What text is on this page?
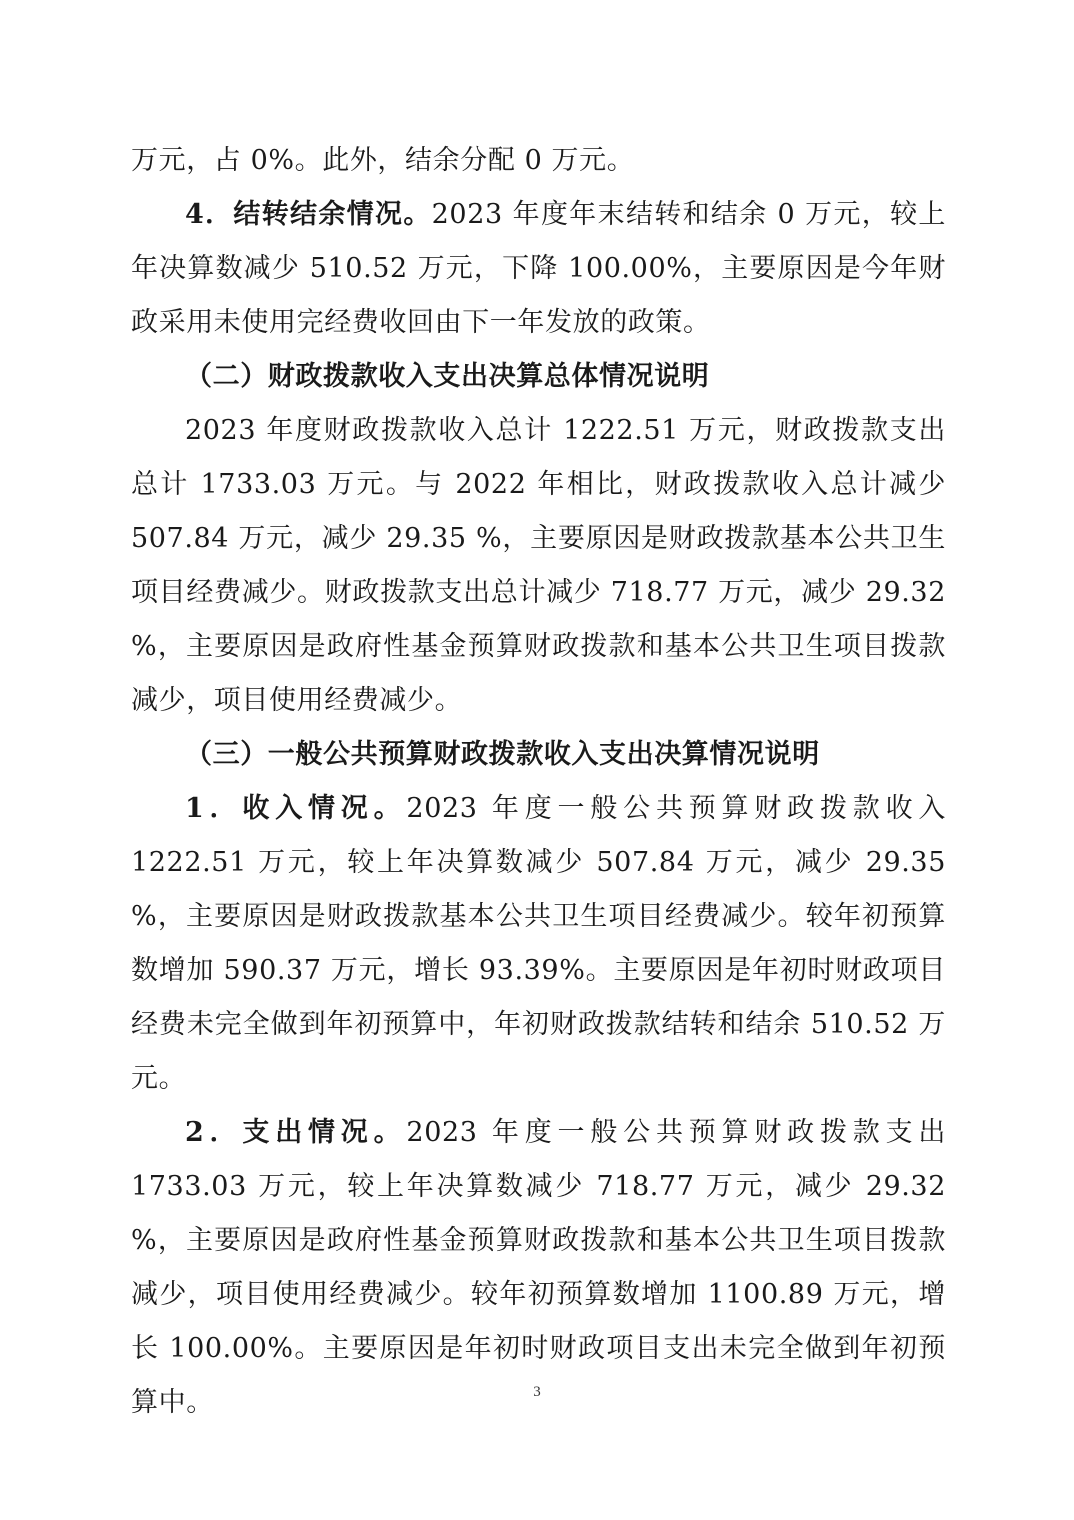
万元，占 0%。此外，结余分配 0 万元。

4．结转结余情况。2023 年度年末结转和结余 0 万元，较上年决算数减少 510.52 万元，下降 100.00%，主要原因是今年财政采用未使用完经费收回由下一年发放的政策。

（二）财政拨款收入支出决算总体情况说明

2023 年度财政拨款收入总计 1222.51 万元，财政拨款支出总计 1733.03 万元。与 2022 年相比，财政拨款收入总计减少 507.84 万元，减少 29.35 %，主要原因是财政拨款基本公共卫生项目经费减少。财政拨款支出总计减少 718.77 万元，减少 29.32 %，主要原因是政府性基金预算财政拨款和基本公共卫生项目拨款减少，项目使用经费减少。

（三）一般公共预算财政拨款收入支出决算情况说明

1．收入情况。2023 年度一般公共预算财政拨款收入 1222.51 万元，较上年决算数减少 507.84 万元，减少 29.35 %，主要原因是财政拨款基本公共卫生项目经费减少。较年初预算数增加 590.37 万元，增长 93.39%。主要原因是年初时财政项目经费未完全做到年初预算中，年初财政拨款结转和结余 510.52 万元。

2．支出情况。2023 年度一般公共预算财政拨款支出 1733.03 万元，较上年决算数减少 718.77 万元，减少 29.32 %，主要原因是政府性基金预算财政拨款和基本公共卫生项目拨款减少，项目使用经费减少。较年初预算数增加 1100.89 万元，增长 100.00%。主要原因是年初时财政项目支出未完全做到年初预算中。	3
